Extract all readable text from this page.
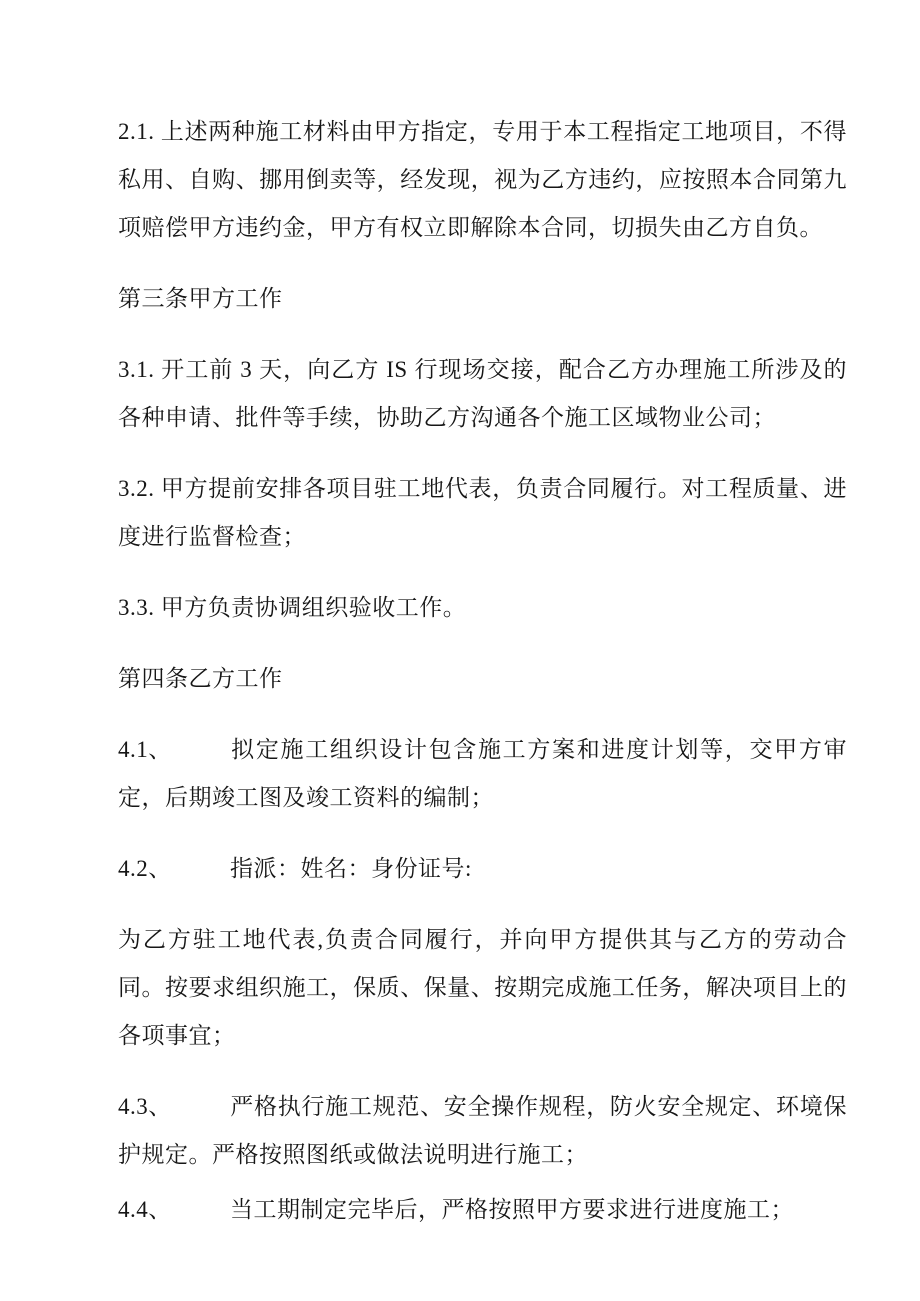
2.1. 上述两种施工材料由甲方指定，专用于本工程指定工地项目，不得私用、自购、挪用倒卖等，经发现，视为乙方违约，应按照本合同第九项赔偿甲方违约金，甲方有权立即解除本合同，切损失由乙方自负。

第三条甲方工作

3.1. 开工前 3 天，向乙方 IS 行现场交接，配合乙方办理施工所涉及的各种申请、批件等手续，协助乙方沟通各个施工区域物业公司；

3.2. 甲方提前安排各项目驻工地代表，负责合同履行。对工程质量、进度进行监督检查；

3.3. 甲方负责协调组织验收工作。

第四条乙方工作

4.1、	拟定施工组织设计包含施工方案和进度计划等，交甲方审定，后期竣工图及竣工资料的编制；

4.2、	指派：姓名：身份证号:

为乙方驻工地代表,负责合同履行，并向甲方提供其与乙方的劳动合同。按要求组织施工，保质、保量、按期完成施工任务，解决项目上的各项事宜；

4.3、	严格执行施工规范、安全操作规程，防火安全规定、环境保护规定。严格按照图纸或做法说明进行施工；

4.4、	当工期制定完毕后，严格按照甲方要求进行进度施工；
